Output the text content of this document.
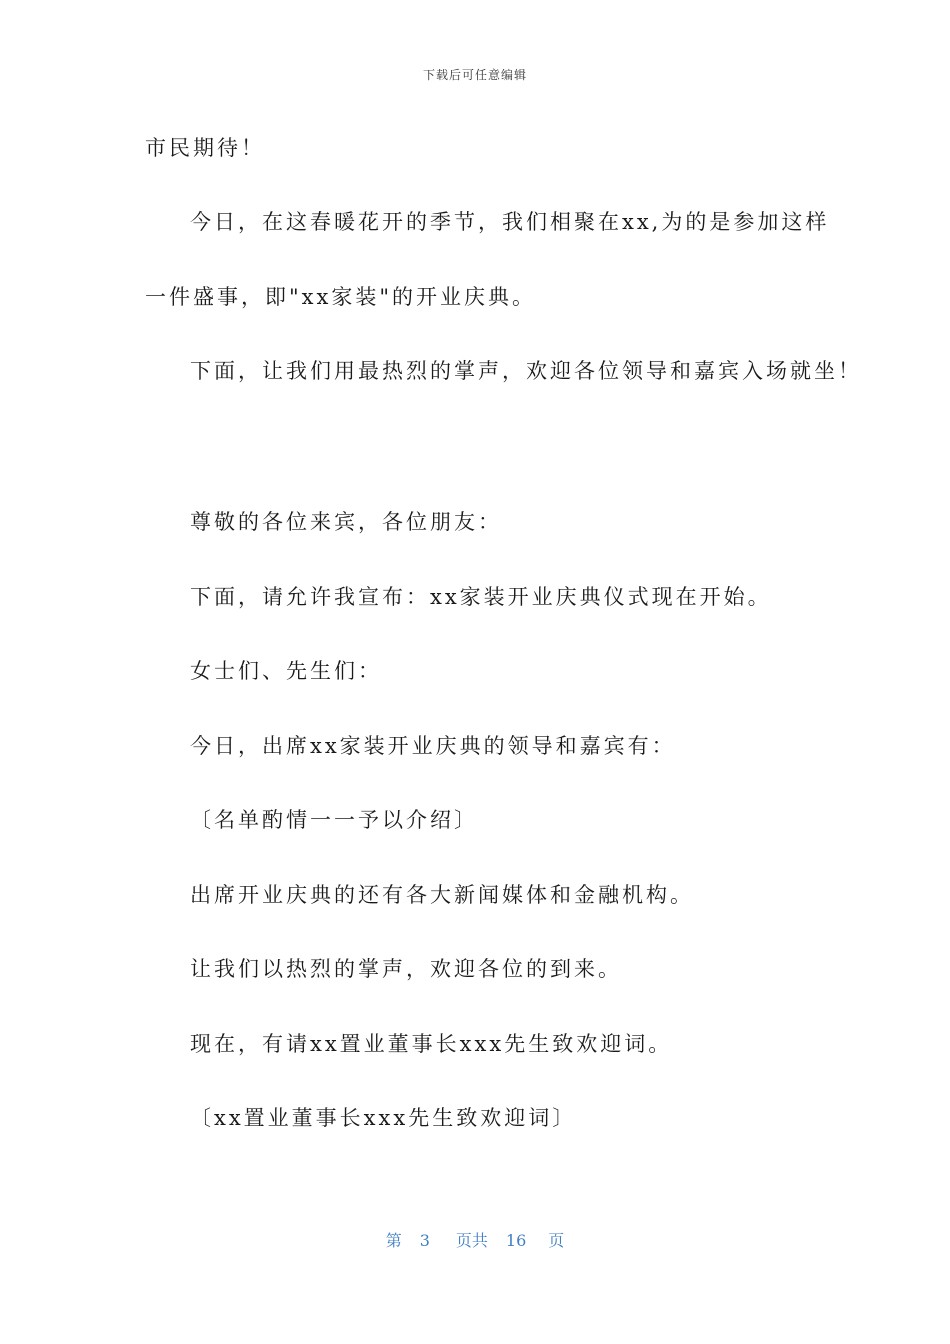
下载后可任意编辑
市民期待！
今日，在这春暖花开的季节，我们相聚在xx,为的是参加这样
一件盛事，即"xx家装"的开业庆典。
下面，让我们用最热烈的掌声，欢迎各位领导和嘉宾入场就坐！
尊敬的各位来宾，各位朋友：
下面，请允许我宣布：xx家装开业庆典仪式现在开始。
女士们、先生们：
今日，出席xx家装开业庆典的领导和嘉宾有：
〔名单酌情一一予以介绍〕
出席开业庆典的还有各大新闻媒体和金融机构。
让我们以热烈的掌声，欢迎各位的到来。
现在，有请xx置业董事长xxx先生致欢迎词。
〔xx置业董事长xxx先生致欢迎词〕
第 3 页共 16 页
